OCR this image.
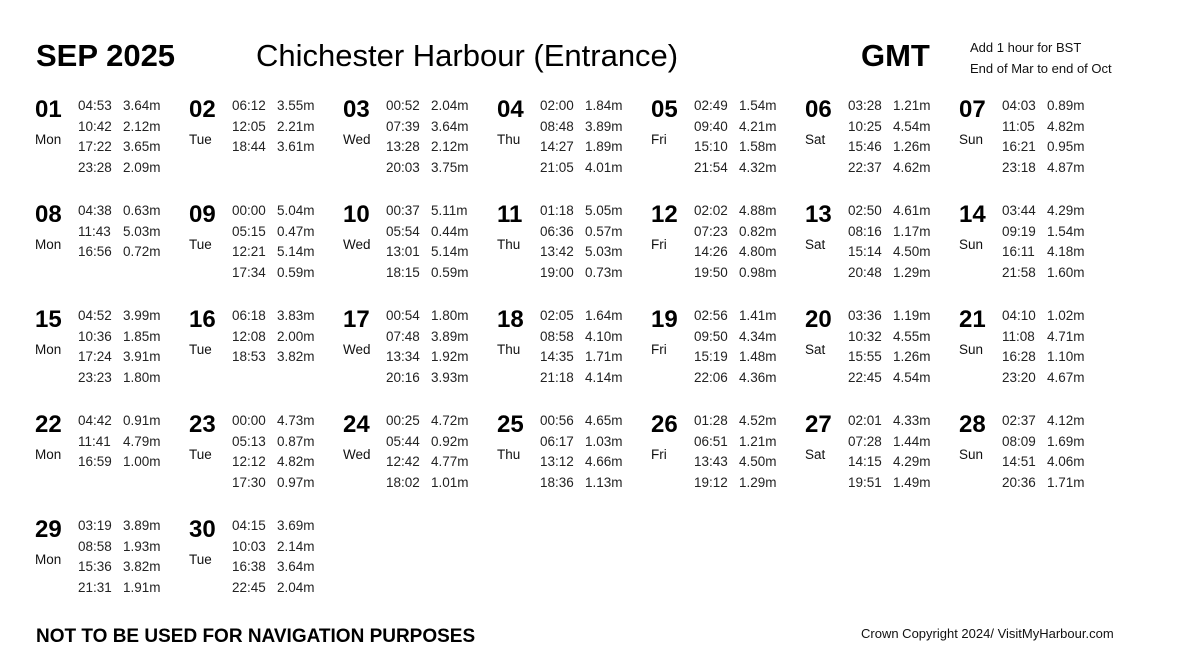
SEP 2025	Chichester Harbour (Entrance)	GMT	Add 1 hour for BST
End of Mar to end of Oct
01
Mon
04:53 3.64m
10:42 2.12m
17:22 3.65m
23:28 2.09m
02
Tue
06:12 3.55m
12:05 2.21m
18:44 3.61m
03
Wed
00:52 2.04m
07:39 3.64m
13:28 2.12m
20:03 3.75m
04
Thu
02:00 1.84m
08:48 3.89m
14:27 1.89m
21:05 4.01m
05
Fri
02:49 1.54m
09:40 4.21m
15:10 1.58m
21:54 4.32m
06
Sat
03:28 1.21m
10:25 4.54m
15:46 1.26m
22:37 4.62m
07
Sun
04:03 0.89m
11:05 4.82m
16:21 0.95m
23:18 4.87m
08
Mon
04:38 0.63m
11:43 5.03m
16:56 0.72m
09
Tue
00:00 5.04m
05:15 0.47m
12:21 5.14m
17:34 0.59m
10
Wed
00:37 5.11m
05:54 0.44m
13:01 5.14m
18:15 0.59m
11
Thu
01:18 5.05m
06:36 0.57m
13:42 5.03m
19:00 0.73m
12
Fri
02:02 4.88m
07:23 0.82m
14:26 4.80m
19:50 0.98m
13
Sat
02:50 4.61m
08:16 1.17m
15:14 4.50m
20:48 1.29m
14
Sun
03:44 4.29m
09:19 1.54m
16:11 4.18m
21:58 1.60m
15
Mon
04:52 3.99m
10:36 1.85m
17:24 3.91m
23:23 1.80m
16
Tue
06:18 3.83m
12:08 2.00m
18:53 3.82m
17
Wed
00:54 1.80m
07:48 3.89m
13:34 1.92m
20:16 3.93m
18
Thu
02:05 1.64m
08:58 4.10m
14:35 1.71m
21:18 4.14m
19
Fri
02:56 1.41m
09:50 4.34m
15:19 1.48m
22:06 4.36m
20
Sat
03:36 1.19m
10:32 4.55m
15:55 1.26m
22:45 4.54m
21
Sun
04:10 1.02m
11:08 4.71m
16:28 1.10m
23:20 4.67m
22
Mon
04:42 0.91m
11:41 4.79m
16:59 1.00m
23
Tue
00:00 4.73m
05:13 0.87m
12:12 4.82m
17:30 0.97m
24
Wed
00:25 4.72m
05:44 0.92m
12:42 4.77m
18:02 1.01m
25
Thu
00:56 4.65m
06:17 1.03m
13:12 4.66m
18:36 1.13m
26
Fri
01:28 4.52m
06:51 1.21m
13:43 4.50m
19:12 1.29m
27
Sat
02:01 4.33m
07:28 1.44m
14:15 4.29m
19:51 1.49m
28
Sun
02:37 4.12m
08:09 1.69m
14:51 4.06m
20:36 1.71m
29
Mon
03:19 3.89m
08:58 1.93m
15:36 3.82m
21:31 1.91m
30
Tue
04:15 3.69m
10:03 2.14m
16:38 3.64m
22:45 2.04m
NOT TO BE USED FOR NAVIGATION PURPOSES	Crown Copyright 2024/ VisitMyHarbour.com
